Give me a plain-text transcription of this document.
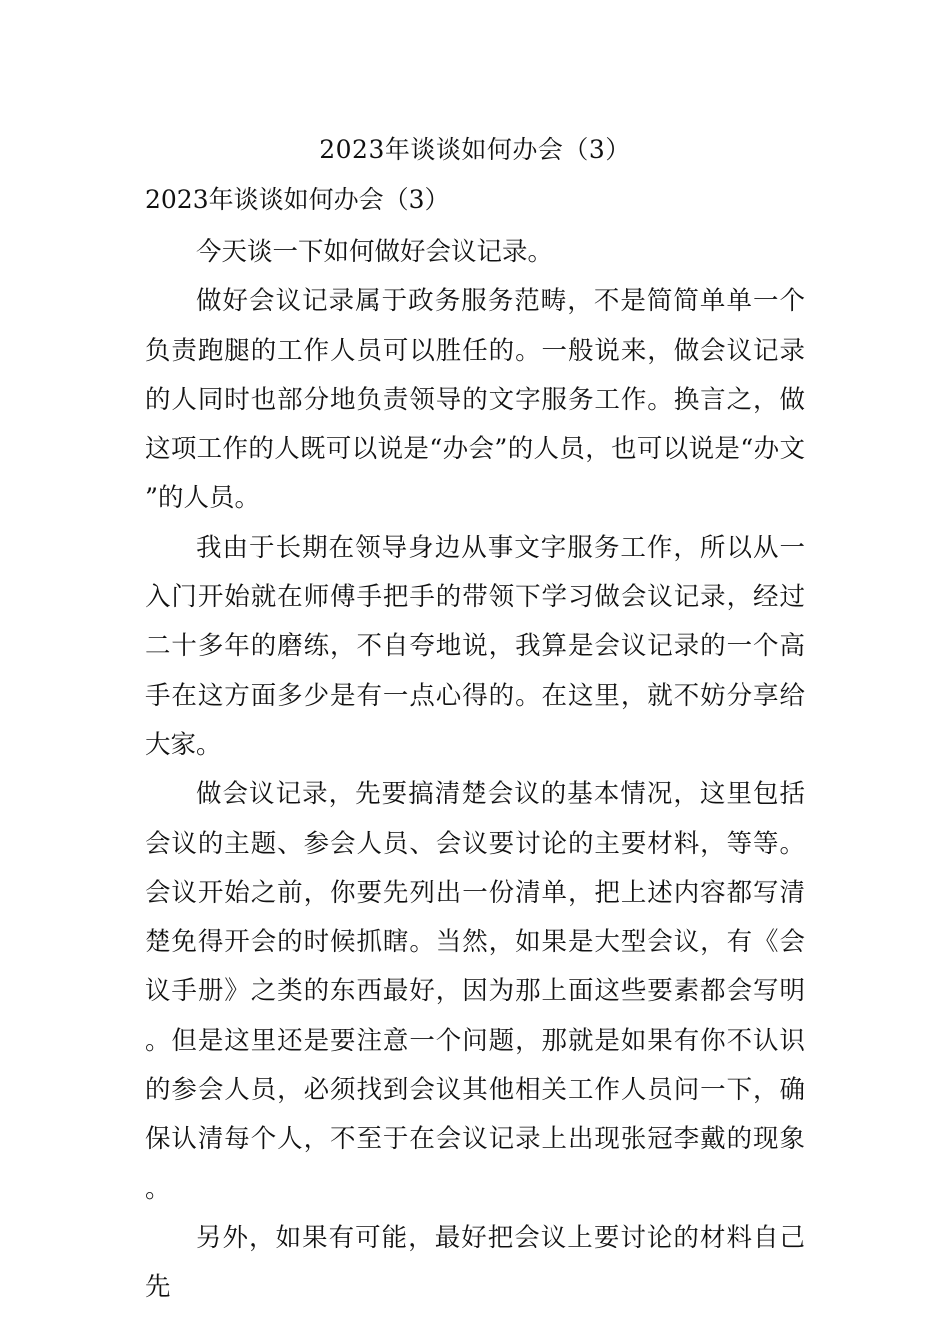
2023年谈谈如何办会（3）
2023年谈谈如何办会（3）

今天谈一下如何做好会议记录。

做好会议记录属于政务服务范畴，不是简简单单一个负责跑腿的工作人员可以胜任的。一般说来，做会议记录的人同时也部分地负责领导的文字服务工作。换言之，做这项工作的人既可以说是“办会”的人员，也可以说是“办文”的人员。

我由于长期在领导身边从事文字服务工作，所以从一入门开始就在师傅手把手的带领下学习做会议记录，经过二十多年的磨练，不自夸地说，我算是会议记录的一个高手在这方面多少是有一点心得的。在这里，就不妨分享给大家。

做会议记录，先要搞清楚会议的基本情况，这里包括会议的主题、参会人员、会议要讨论的主要材料，等等。会议开始之前，你要先列出一份清单，把上述内容都写清楚免得开会的时候抓瞎。当然，如果是大型会议，有《会议手册》之类的东西最好，因为那上面这些要素都会写明。但是这里还是要注意一个问题，那就是如果有你不认识的参会人员，必须找到会议其他相关工作人员问一下，确保认清每个人，不至于在会议记录上出现张冠李戴的现象。

另外，如果有可能，最好把会议上要讨论的材料自己先
